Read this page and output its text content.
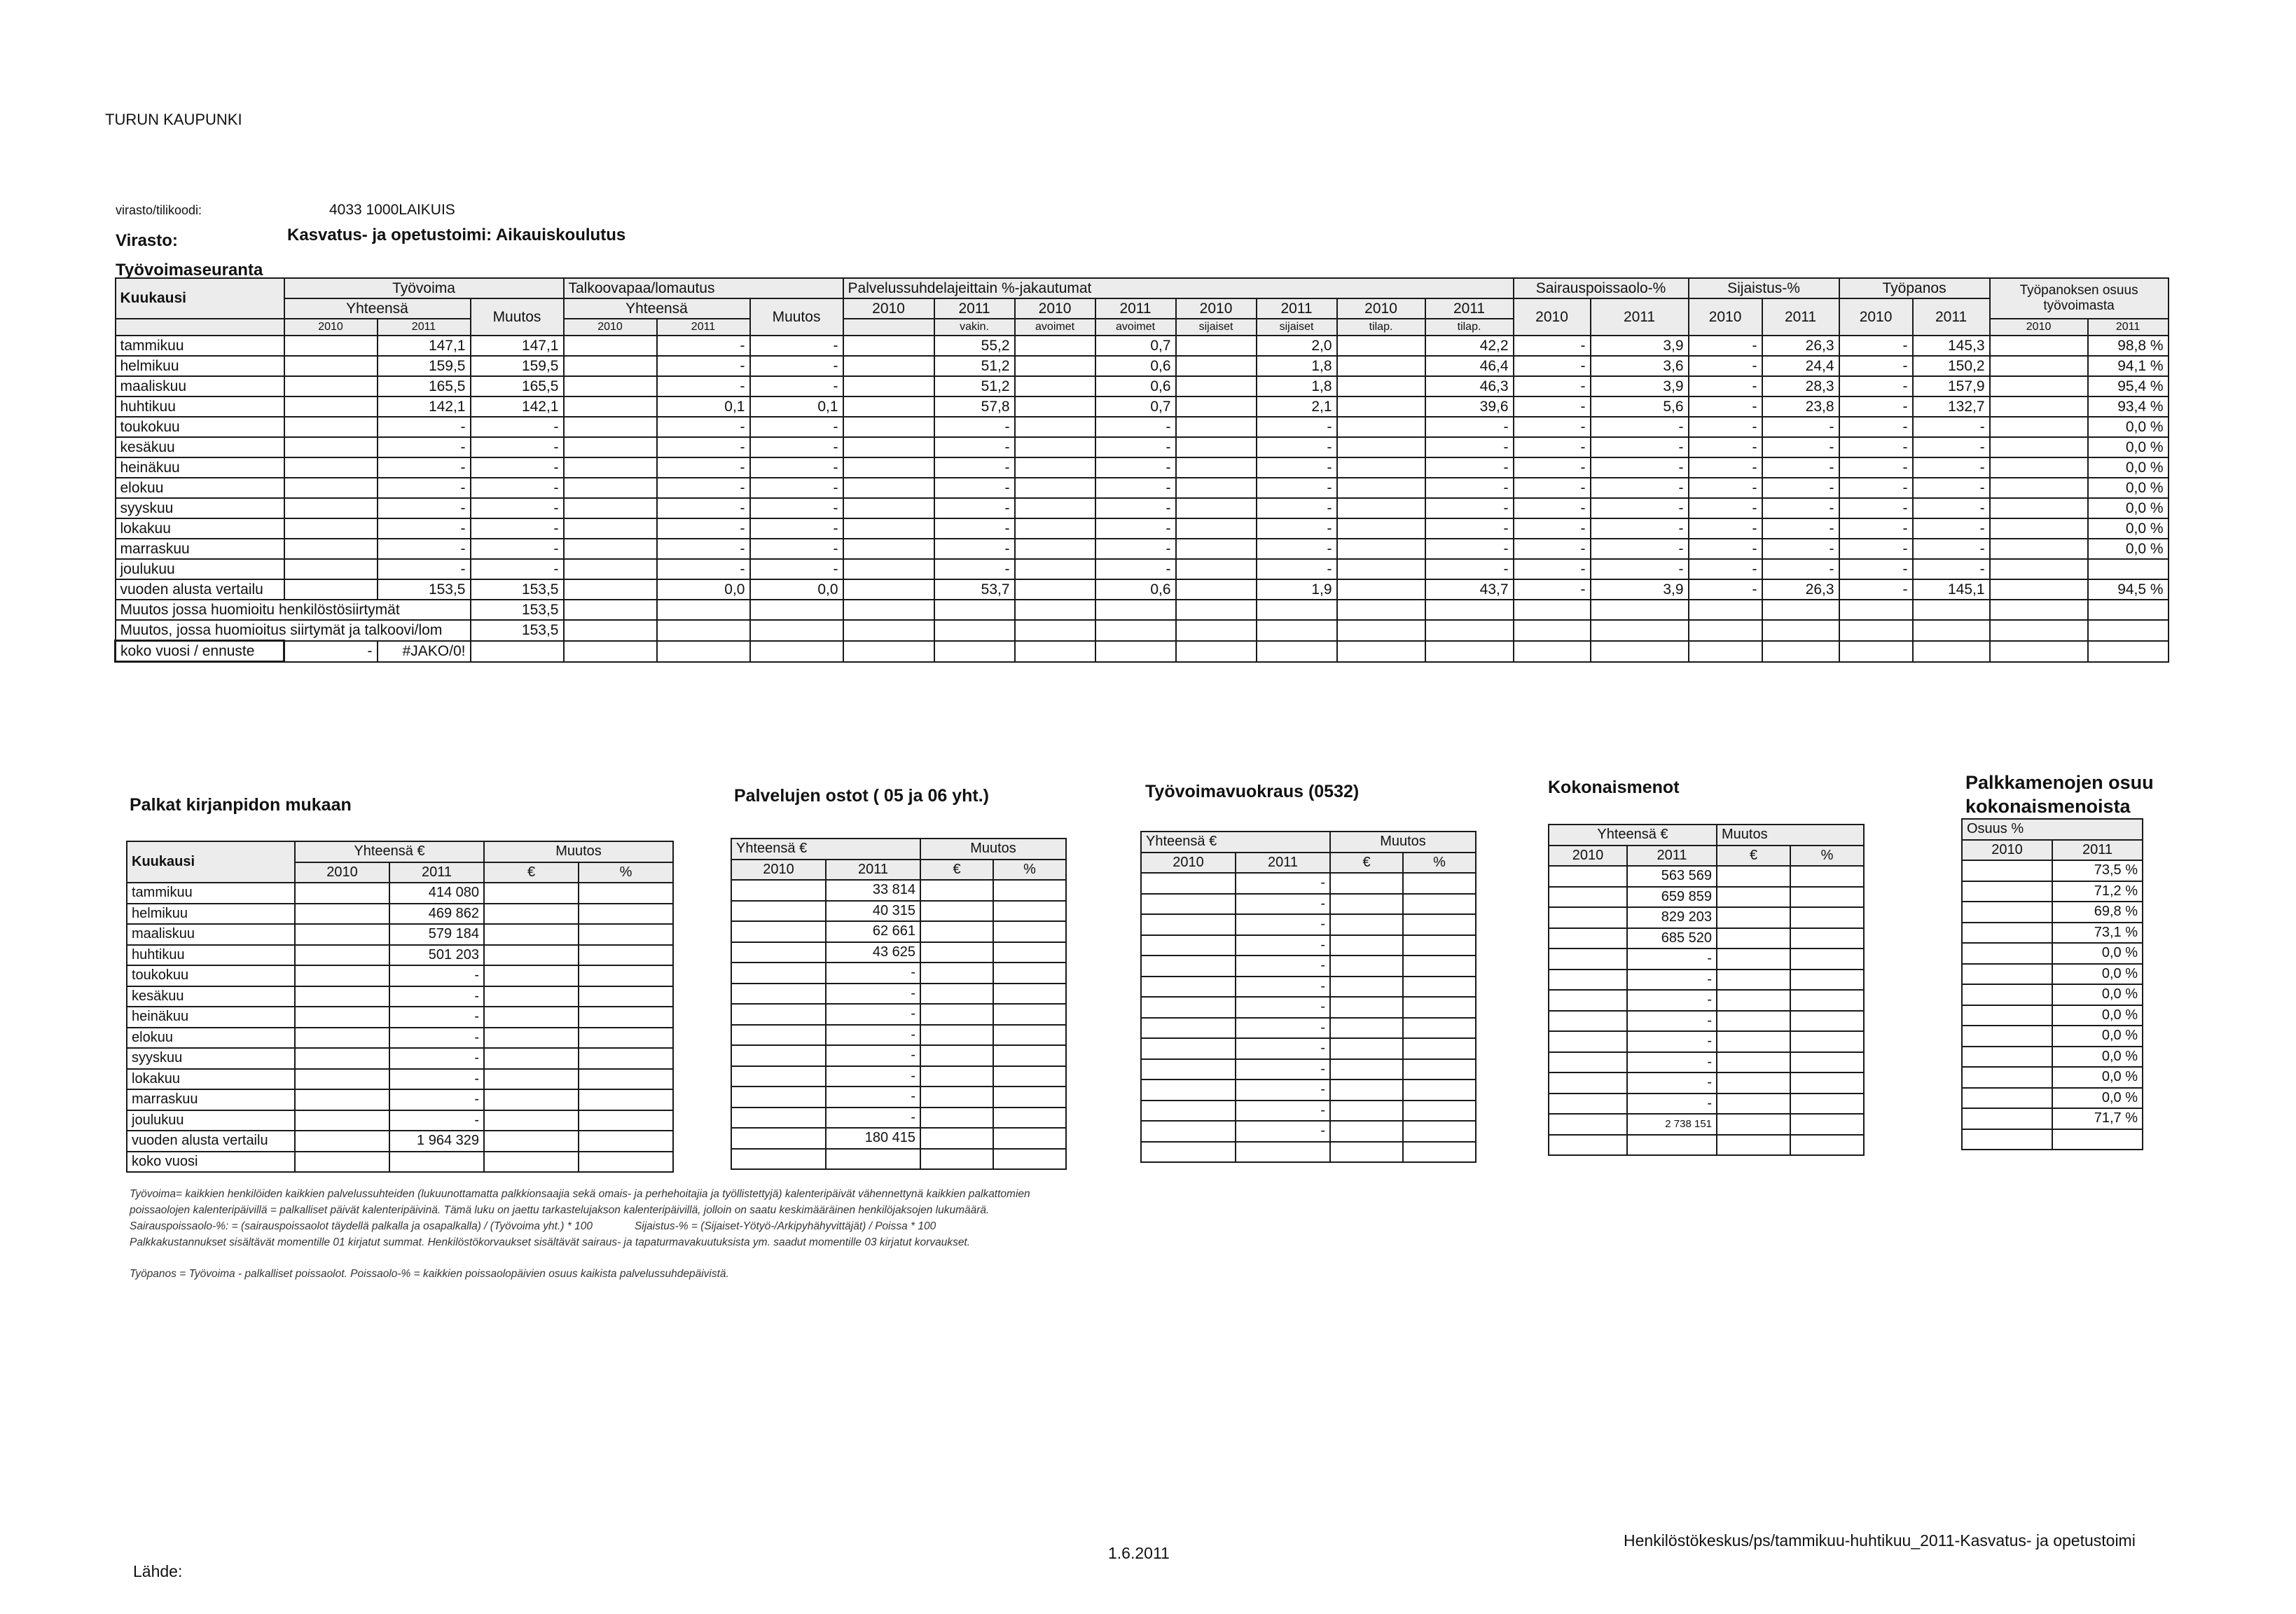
TURUN KAUPUNKI
virasto/tilikoodi:	4033 1000LAIKUIS
Virasto:	Kasvatus- ja opetustoimi: Aikauiskoulutus
Työvoimaseuranta
Kuukausi	Työvoima			Talkoovapaa/lomautus			Palvelussuhdelajeittain %-jakautumat								Sairauspoissaolo-%		Sijaistus-%		Työpanos		Työpanoksen osuus työvoimasta	
	Yhteensä		Muutos	Yhteensä		Muutos	2010	2011	2010	2011	2010	2011	2010	2011	2010	2011	2010	2011	2010	2011		
	2010	2011		2010	2011			vakin.	avoimet	avoimet	sijaiset	sijaiset	tilap.	tilap.							2010	2011
tammikuu		147,1	147,1		-	-		55,2		0,7		2,0		42,2	-	3,9	-	26,3	-	145,3		98,8 %
helmikuu		159,5	159,5		-	-		51,2		0,6		1,8		46,4	-	3,6	-	24,4	-	150,2		94,1 %
maaliskuu		165,5	165,5		-	-		51,2		0,6		1,8		46,3	-	3,9	-	28,3	-	157,9		95,4 %
huhtikuu		142,1	142,1		0,1	0,1		57,8		0,7		2,1		39,6	-	5,6	-	23,8	-	132,7		93,4 %
toukokuu		-	-		-	-		-		-		-		-	-	-	-	-	-	-		0,0 %
kesäkuu		-	-		-	-		-		-		-		-	-	-	-	-	-	-		0,0 %
heinäkuu		-	-		-	-		-		-		-		-	-	-	-	-	-	-		0,0 %
elokuu		-	-		-	-		-		-		-		-	-	-	-	-	-	-		0,0 %
syyskuu		-	-		-	-		-		-		-		-	-	-	-	-	-	-		0,0 %
lokakuu		-	-		-	-		-		-		-		-	-	-	-	-	-	-		0,0 %
marraskuu		-	-		-	-		-		-		-		-	-	-	-	-	-	-		0,0 %
joulukuu		-	-		-	-		-		-		-		-	-	-	-	-	-	-		
vuoden alusta vertailu		153,5	153,5		0,0	0,0		53,7		0,6		1,9		43,7	-	3,9	-	26,3	-	145,1		94,5 %
Muutos jossa huomioitu henkilöstösiirtymät			153,5																			
Muutos, jossa huomioitus siirtymät ja talkoovi/lom			153,5																			
koko vuosi / ennuste	-	#JAKO/0!																				
Palkat kirjanpidon mukaan
Kuukausi	Yhteensä €		Muutos	
	2010	2011	€	%
tammikuu		414 080		
helmikuu		469 862		
maaliskuu		579 184		
huhtikuu		501 203		
toukokuu		-		
kesäkuu		-		
heinäkuu		-		
elokuu		-		
syyskuu		-		
lokakuu		-		
marraskuu		-		
joulukuu		-		
vuoden alusta vertailu		1 964 329		
koko vuosi				
Palvelujen ostot ( 05 ja 06 yht.)
Yhteensä €		Muutos	
2010	2011	€	%
	33 814		
	40 315		
	62 661		
	43 625		
	-		
	-		
	-		
	-		
	-		
	-		
	-		
	-		
	180 415		

Työvoimavuokraus (0532)
Yhteensä €		Muutos	
2010	2011	€	%
	-		
	-		
	-		
	-		
	-		
	-		
	-		
	-		
	-		
	-		
	-		
	-		
	-		

Kokonaismenot
Yhteensä €		Muutos	
2010	2011	€	%
	563 569		
	659 859		
	829 203		
	685 520		
	-		
	-		
	-		
	-		
	-		
	-		
	-		
	-		
	2 738 151		

Palkkamenojen osuu
kokonaismenoista
Osuus %	
2010	2011
	73,5 %
	71,2 %
	69,8 %
	73,1 %
	0,0 %
	0,0 %
	0,0 %
	0,0 %
	0,0 %
	0,0 %
	0,0 %
	0,0 %
	71,7 %

Työvoima= kaikkien henkilöiden kaikkien palvelussuhteiden (lukuunottamatta palkkionsaajia sekä omais- ja perhehoitajia ja työllistettyjä) kalenteripäivät vähennettynä kaikkien palkattomien
poissaolojen kalenteripäivillä = palkalliset päivät kalenteripäivinä. Tämä luku on jaettu tarkastelujakson kalenteripäivillä, jolloin on saatu keskimääräinen henkilöjaksojen lukumäärä.
Sairauspoissaolo-%: = (sairauspoissaolot täydellä palkalla ja osapalkalla) / (Työvoima yht.) * 100	Sijaistus-% = (Sijaiset-Yötyö-/Arkipyhähyvittäjät) / Poissa * 100
Palkkakustannukset sisältävät momentille 01 kirjatut summat. Henkilöstökorvaukset sisältävät sairaus- ja tapaturmavakuutuksista ym. saadut momentille 03 kirjatut korvaukset.
Työpanos = Työvoima - palkalliset poissaolot. Poissaolo-% = kaikkien poissaolopäivien osuus kaikista palvelussuhdepäivistä.
Lähde:
1.6.2011
Henkilöstökeskus/ps/tammikuu-huhtikuu_2011-Kasvatus- ja opetustoimi
